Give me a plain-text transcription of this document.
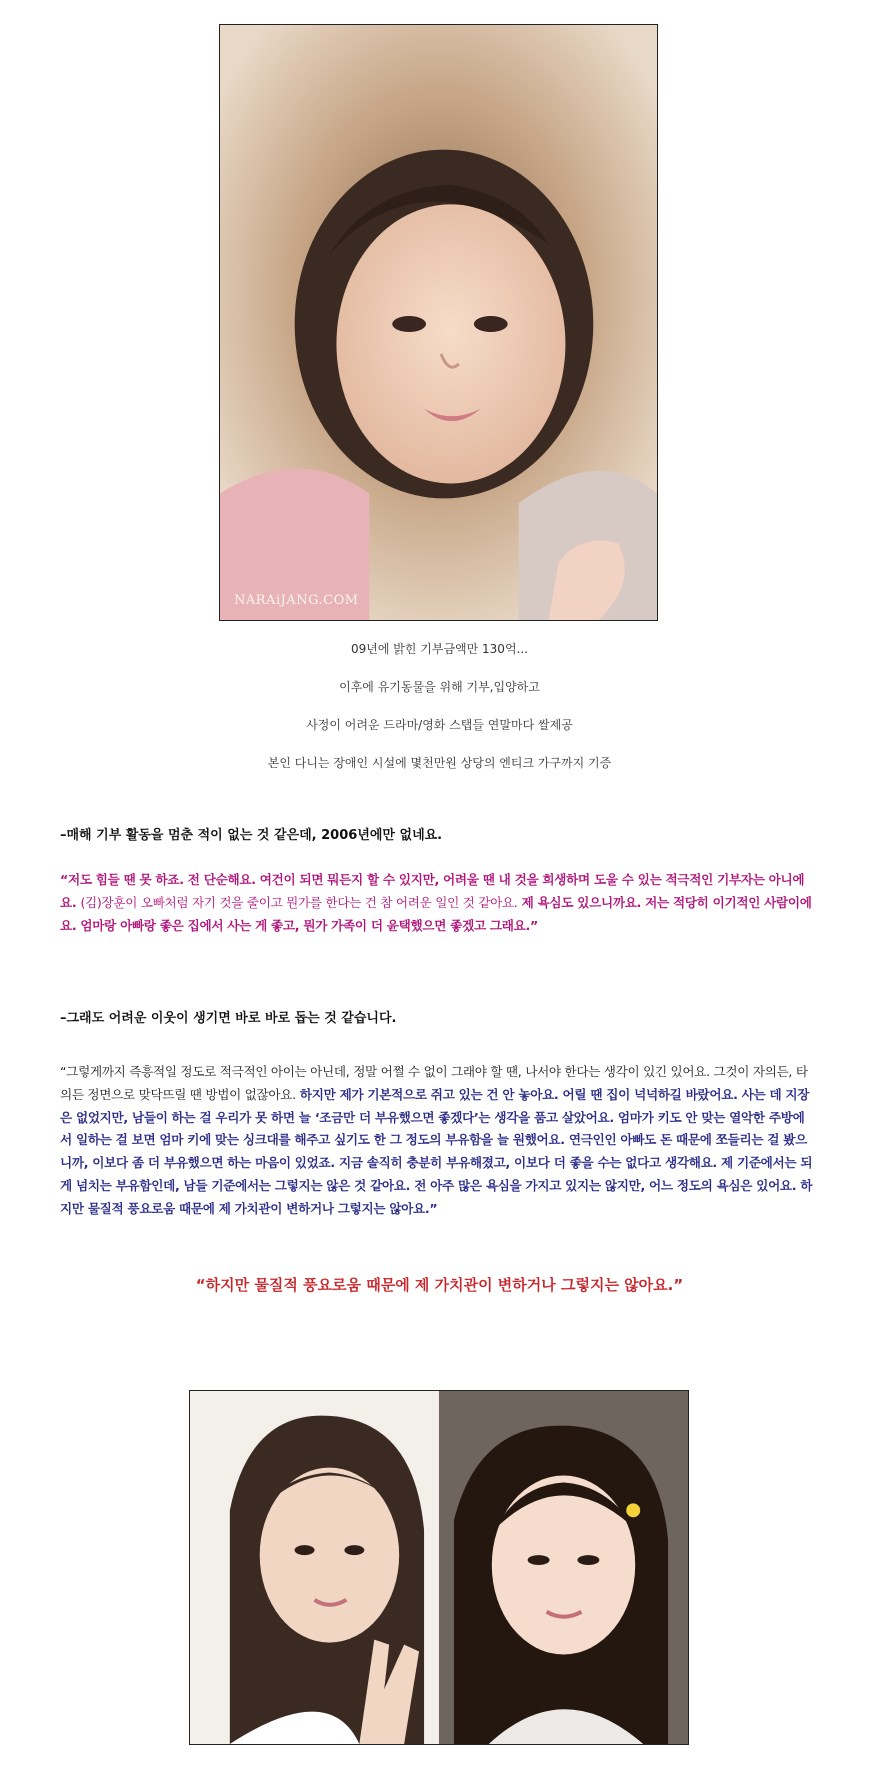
NARAiJANG.COM
09년에 밝힌 기부금액만 130억...
이후에 유기동물을 위해 기부,입양하고
사정이 어려운 드라마/영화 스탭들 연말마다 쌀제공
본인 다니는 장애인 시설에 몇천만원 상당의 엔티크 가구까지 기증
–매해 기부 활동을 멈춘 적이 없는 것 같은데, 2006년에만 없네요.
“저도 힘들 땐 못 하죠. 전 단순해요. 여건이 되면 뭐든지 할 수 있지만, 어려울 땐 내 것을 희생하며 도울 수 있는 적극적인 기부자는 아니에요. (김)장훈이 오빠처럼 자기 것을 줄이고 뭔가를 한다는 건 참 어려운 일인 것 같아요. 제 욕심도 있으니까요. 저는 적당히 이기적인 사람이에요. 엄마랑 아빠랑 좋은 집에서 사는 게 좋고, 뭔가 가족이 더 윤택했으면 좋겠고 그래요.”
–그래도 어려운 이웃이 생기면 바로 바로 돕는 것 같습니다.
“그렇게까지 즉흥적일 정도로 적극적인 아이는 아닌데, 정말 어쩔 수 없이 그래야 할 땐, 나서야 한다는 생각이 있긴 있어요. 그것이 자의든, 타의든 정면으로 맞닥뜨릴 땐 방법이 없잖아요. 하지만 제가 기본적으로 쥐고 있는 건 안 놓아요. 어릴 땐 집이 넉넉하길 바랐어요. 사는 데 지장은 없었지만, 남들이 하는 걸 우리가 못 하면 늘 ‘조금만 더 부유했으면 좋겠다’는 생각을 품고 살았어요. 엄마가 키도 안 맞는 열악한 주방에서 일하는 걸 보면 엄마 키에 맞는 싱크대를 해주고 싶기도 한 그 정도의 부유함을 늘 원했어요. 연극인인 아빠도 돈 때문에 쪼들리는 걸 봤으니까, 이보다 좀 더 부유했으면 하는 마음이 있었죠. 지금 솔직히 충분히 부유해졌고, 이보다 더 좋을 수는 없다고 생각해요. 제 기준에서는 되게 넘치는 부유함인데, 남들 기준에서는 그렇지는 않은 것 같아요. 전 아주 많은 욕심을 가지고 있지는 않지만, 어느 정도의 욕심은 있어요. 하지만 물질적 풍요로움 때문에 제 가치관이 변하거나 그렇지는 않아요.”
“하지만 물질적 풍요로움 때문에 제 가치관이 변하거나 그렇지는 않아요.”
